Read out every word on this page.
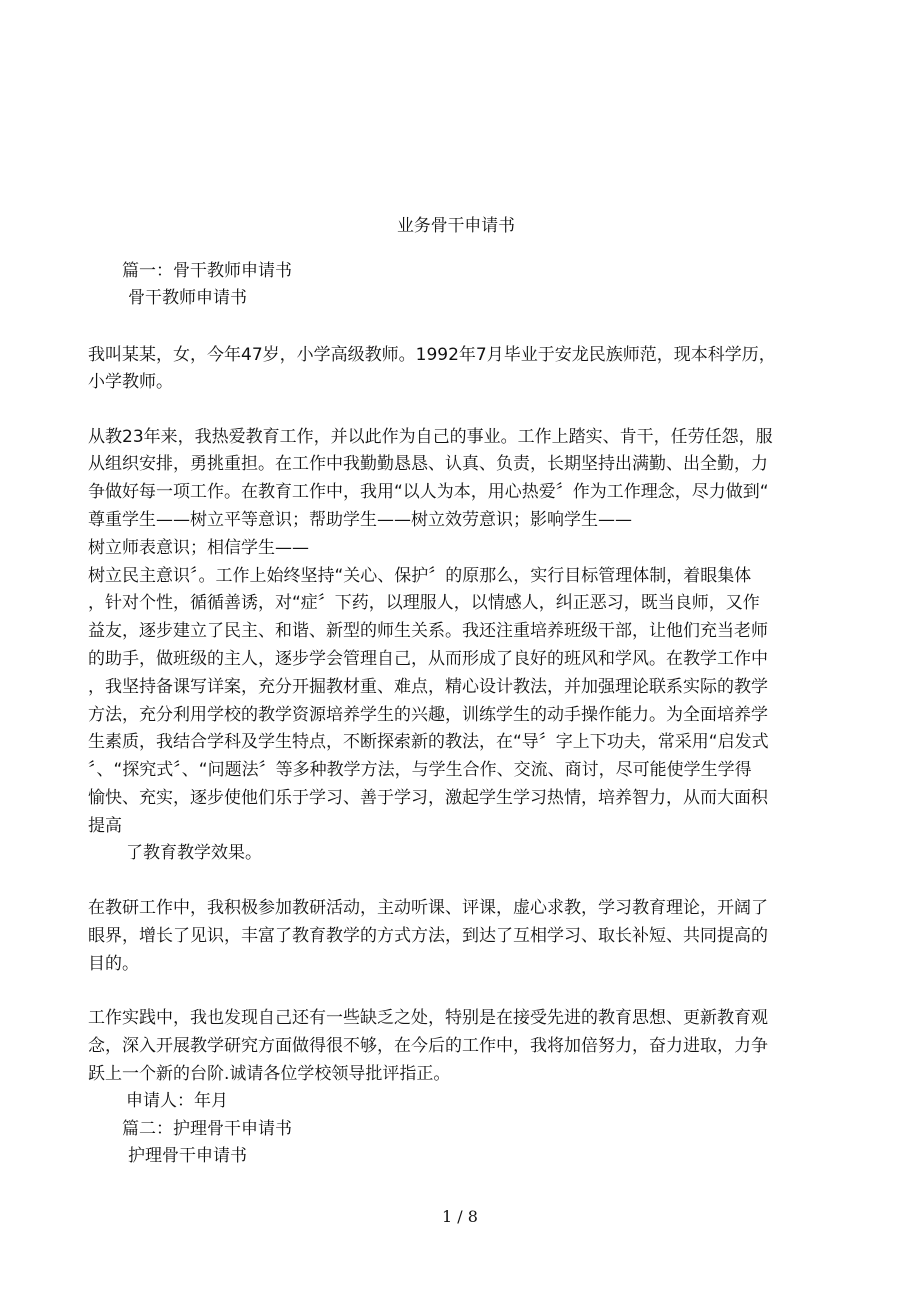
业务骨干申请书
篇一：骨干教师申请书
骨干教师申请书
我叫某某，女，今年47岁，小学高级教师。1992年7月毕业于安龙民族师范，现本科学历，
小学教师。
从教23年来，我热爱教育工作，并以此作为自己的事业。工作上踏实、肯干，任劳任怨，服
从组织安排，勇挑重担。在工作中我勤勤恳恳、认真、负责，长期坚持出满勤、出全勤，力
争做好每一项工作。在教育工作中，我用“以人为本，用心热爱〞作为工作理念，尽力做到“
尊重学生——树立平等意识；帮助学生——树立效劳意识；影响学生——
树立师表意识；相信学生——
树立民主意识〞。工作上始终坚持“关心、保护〞的原那么，实行目标管理体制，着眼集体
，针对个性，循循善诱，对“症〞下药，以理服人，以情感人，纠正恶习，既当良师，又作
益友，逐步建立了民主、和谐、新型的师生关系。我还注重培养班级干部，让他们充当老师
的助手，做班级的主人，逐步学会管理自己，从而形成了良好的班风和学风。在教学工作中
，我坚持备课写详案，充分开掘教材重、难点，精心设计教法，并加强理论联系实际的教学
方法，充分利用学校的教学资源培养学生的兴趣，训练学生的动手操作能力。为全面培养学
生素质，我结合学科及学生特点，不断探索新的教法，在“导〞字上下功夫，常采用“启发式
〞、“探究式〞、“问题法〞等多种教学方法，与学生合作、交流、商讨，尽可能使学生学得
愉快、充实，逐步使他们乐于学习、善于学习，激起学生学习热情，培养智力，从而大面积
提高
了教育教学效果。
在教研工作中，我积极参加教研活动，主动听课、评课，虚心求教，学习教育理论，开阔了
眼界，增长了见识，丰富了教育教学的方式方法，到达了互相学习、取长补短、共同提高的
目的。
工作实践中，我也发现自己还有一些缺乏之处，特别是在接受先进的教育思想、更新教育观
念，深入开展教学研究方面做得很不够，在今后的工作中，我将加倍努力，奋力进取，力争
跃上一个新的台阶.诚请各位学校领导批评指正。
申请人：年月
篇二：护理骨干申请书
护理骨干申请书
1 / 8
